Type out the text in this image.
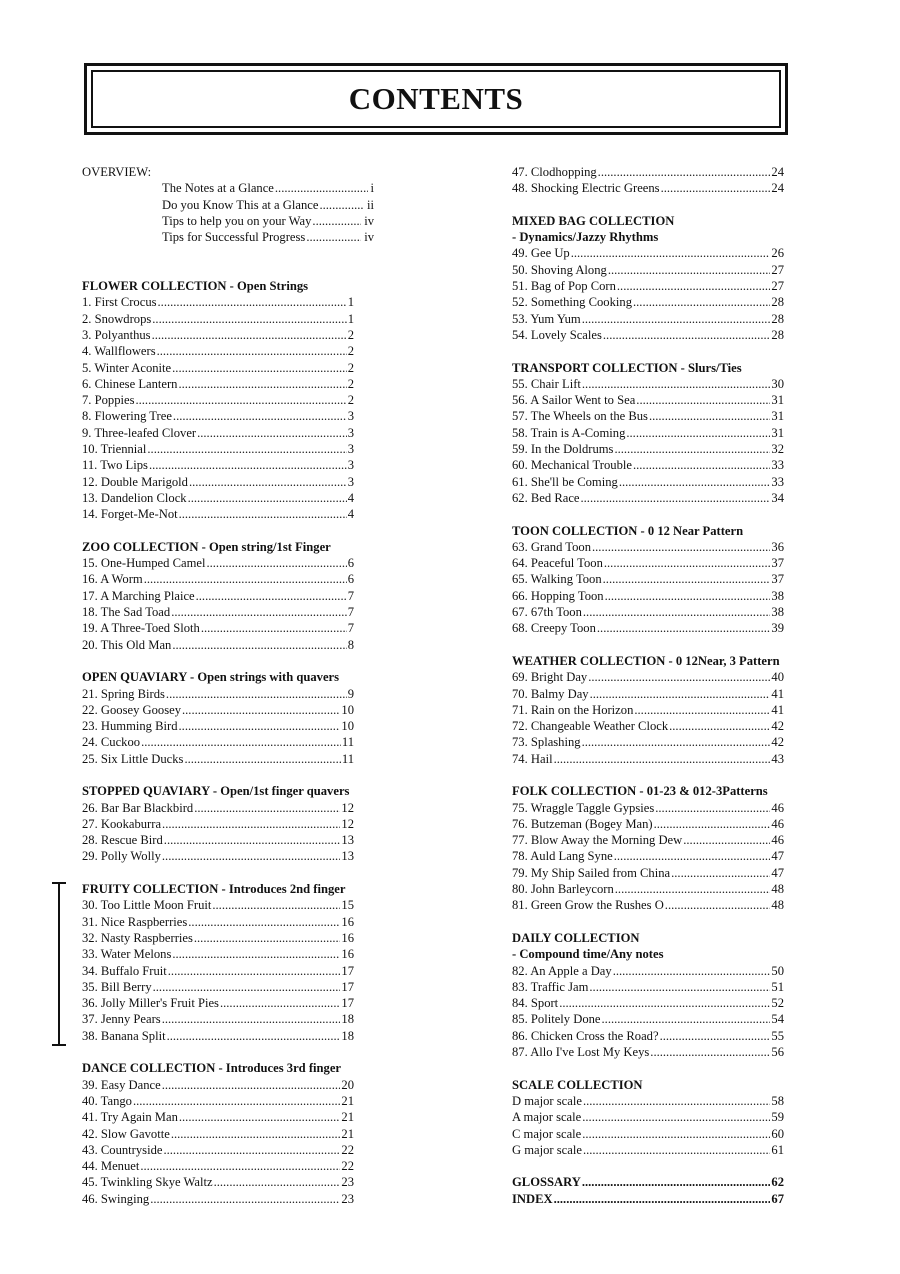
CONTENTS
OVERVIEW:
The Notes at a Glance .....	i
Do you Know This at a Glance .....	ii
Tips to help you on your Way .....	iv
Tips for Successful Progress .....	iv
FLOWER COLLECTION - Open Strings
1. First Crocus .....	1
2. Snowdrops .....	1
3. Polyanthus .....	2
4. Wallflowers .....	2
5. Winter Aconite .....	2
6. Chinese Lantern .....	2
7. Poppies .....	2
8. Flowering Tree .....	3
9. Three-leafed Clover .....	3
10. Triennial .....	3
11. Two Lips .....	3
12. Double Marigold .....	3
13. Dandelion Clock .....	4
14. Forget-Me-Not .....	4
ZOO COLLECTION - Open string/1st Finger
15. One-Humped Camel .....	6
16. A Worm .....	6
17. A Marching Plaice .....	7
18. The Sad Toad .....	7
19. A Three-Toed Sloth .....	7
20. This Old Man .....	8
OPEN QUAVIARY - Open strings with quavers
21. Spring Birds .....	9
22. Goosey Goosey .....	10
23. Humming Bird .....	10
24. Cuckoo .....	11
25. Six Little Ducks .....	11
STOPPED QUAVIARY - Open/1st finger quavers
26. Bar Bar Blackbird .....	12
27. Kookaburra .....	12
28. Rescue Bird .....	13
29. Polly Wolly .....	13
FRUITY COLLECTION - Introduces 2nd finger
30. Too Little Moon Fruit .....	15
31. Nice Raspberries .....	16
32. Nasty Raspberries .....	16
33. Water Melons .....	16
34. Buffalo Fruit .....	17
35. Bill Berry .....	17
36. Jolly Miller's Fruit Pies .....	17
37. Jenny Pears .....	18
38. Banana Split .....	18
DANCE COLLECTION - Introduces 3rd finger
39. Easy Dance .....	20
40. Tango .....	21
41. Try Again Man .....	21
42. Slow Gavotte .....	21
43. Countryside .....	22
44. Menuet .....	22
45. Twinkling Skye Waltz .....	23
46. Swinging .....	23
47. Clodhopping .....	24
48. Shocking Electric Greens .....	24
MIXED BAG COLLECTION
- Dynamics/Jazzy Rhythms
49. Gee Up .....	26
50. Shoving Along .....	27
51. Bag of Pop Corn .....	27
52. Something Cooking .....	28
53. Yum Yum .....	28
54. Lovely Scales .....	28
TRANSPORT COLLECTION - Slurs/Ties
55. Chair Lift .....	30
56. A Sailor Went to Sea .....	31
57. The Wheels on the Bus .....	31
58. Train is A-Coming .....	31
59. In the Doldrums .....	32
60. Mechanical Trouble .....	33
61. She'll be Coming .....	33
62. Bed Race .....	34
TOON COLLECTION - 0 12 Near Pattern
63. Grand Toon .....	36
64. Peaceful Toon .....	37
65. Walking Toon .....	37
66. Hopping Toon .....	38
67. 67th Toon .....	38
68. Creepy Toon .....	39
WEATHER COLLECTION - 0 12Near, 3 Pattern
69. Bright Day .....	40
70. Balmy Day .....	41
71. Rain on the Horizon .....	41
72. Changeable Weather Clock .....	42
73. Splashing .....	42
74. Hail .....	43
FOLK COLLECTION - 01-23 & 012-3Patterns
75. Wraggle Taggle Gypsies .....	46
76. Butzeman (Bogey Man) .....	46
77. Blow Away the Morning Dew .....	46
78. Auld Lang Syne .....	47
79. My Ship Sailed from China .....	47
80. John Barleycorn .....	48
81. Green Grow the Rushes O .....	48
DAILY COLLECTION
- Compound time/Any notes
82. An Apple a Day .....	50
83. Traffic Jam .....	51
84. Sport .....	52
85. Politely Done .....	54
86. Chicken Cross the Road? .....	55
87. Allo I've Lost My Keys .....	56
SCALE COLLECTION
D major scale .....	58
A major scale .....	59
C major scale .....	60
G major scale .....	61
GLOSSARY .....	62
INDEX .....	67
